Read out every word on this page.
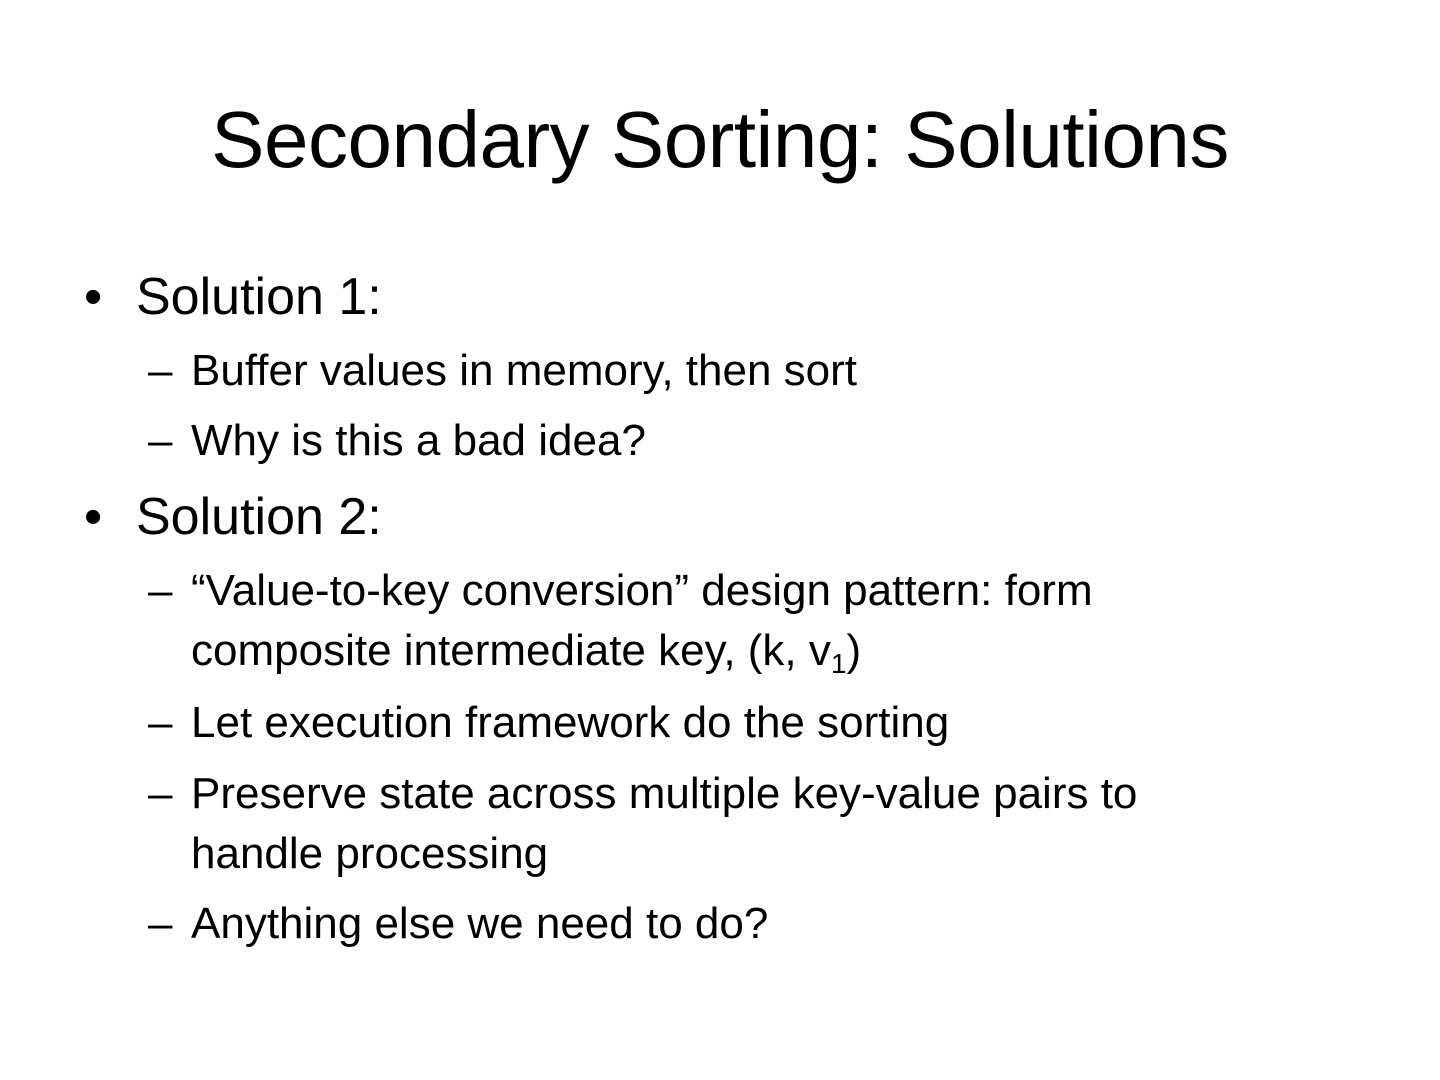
Secondary Sorting: Solutions
• Solution 1:
– Buffer values in memory, then sort
– Why is this a bad idea?
• Solution 2:
– “Value-to-key conversion” design pattern: form
composite intermediate key, (k, $v_1$)
– Let execution framework do the sorting
– Preserve state across multiple key-value pairs to
handle processing
– Anything else we need to do?
